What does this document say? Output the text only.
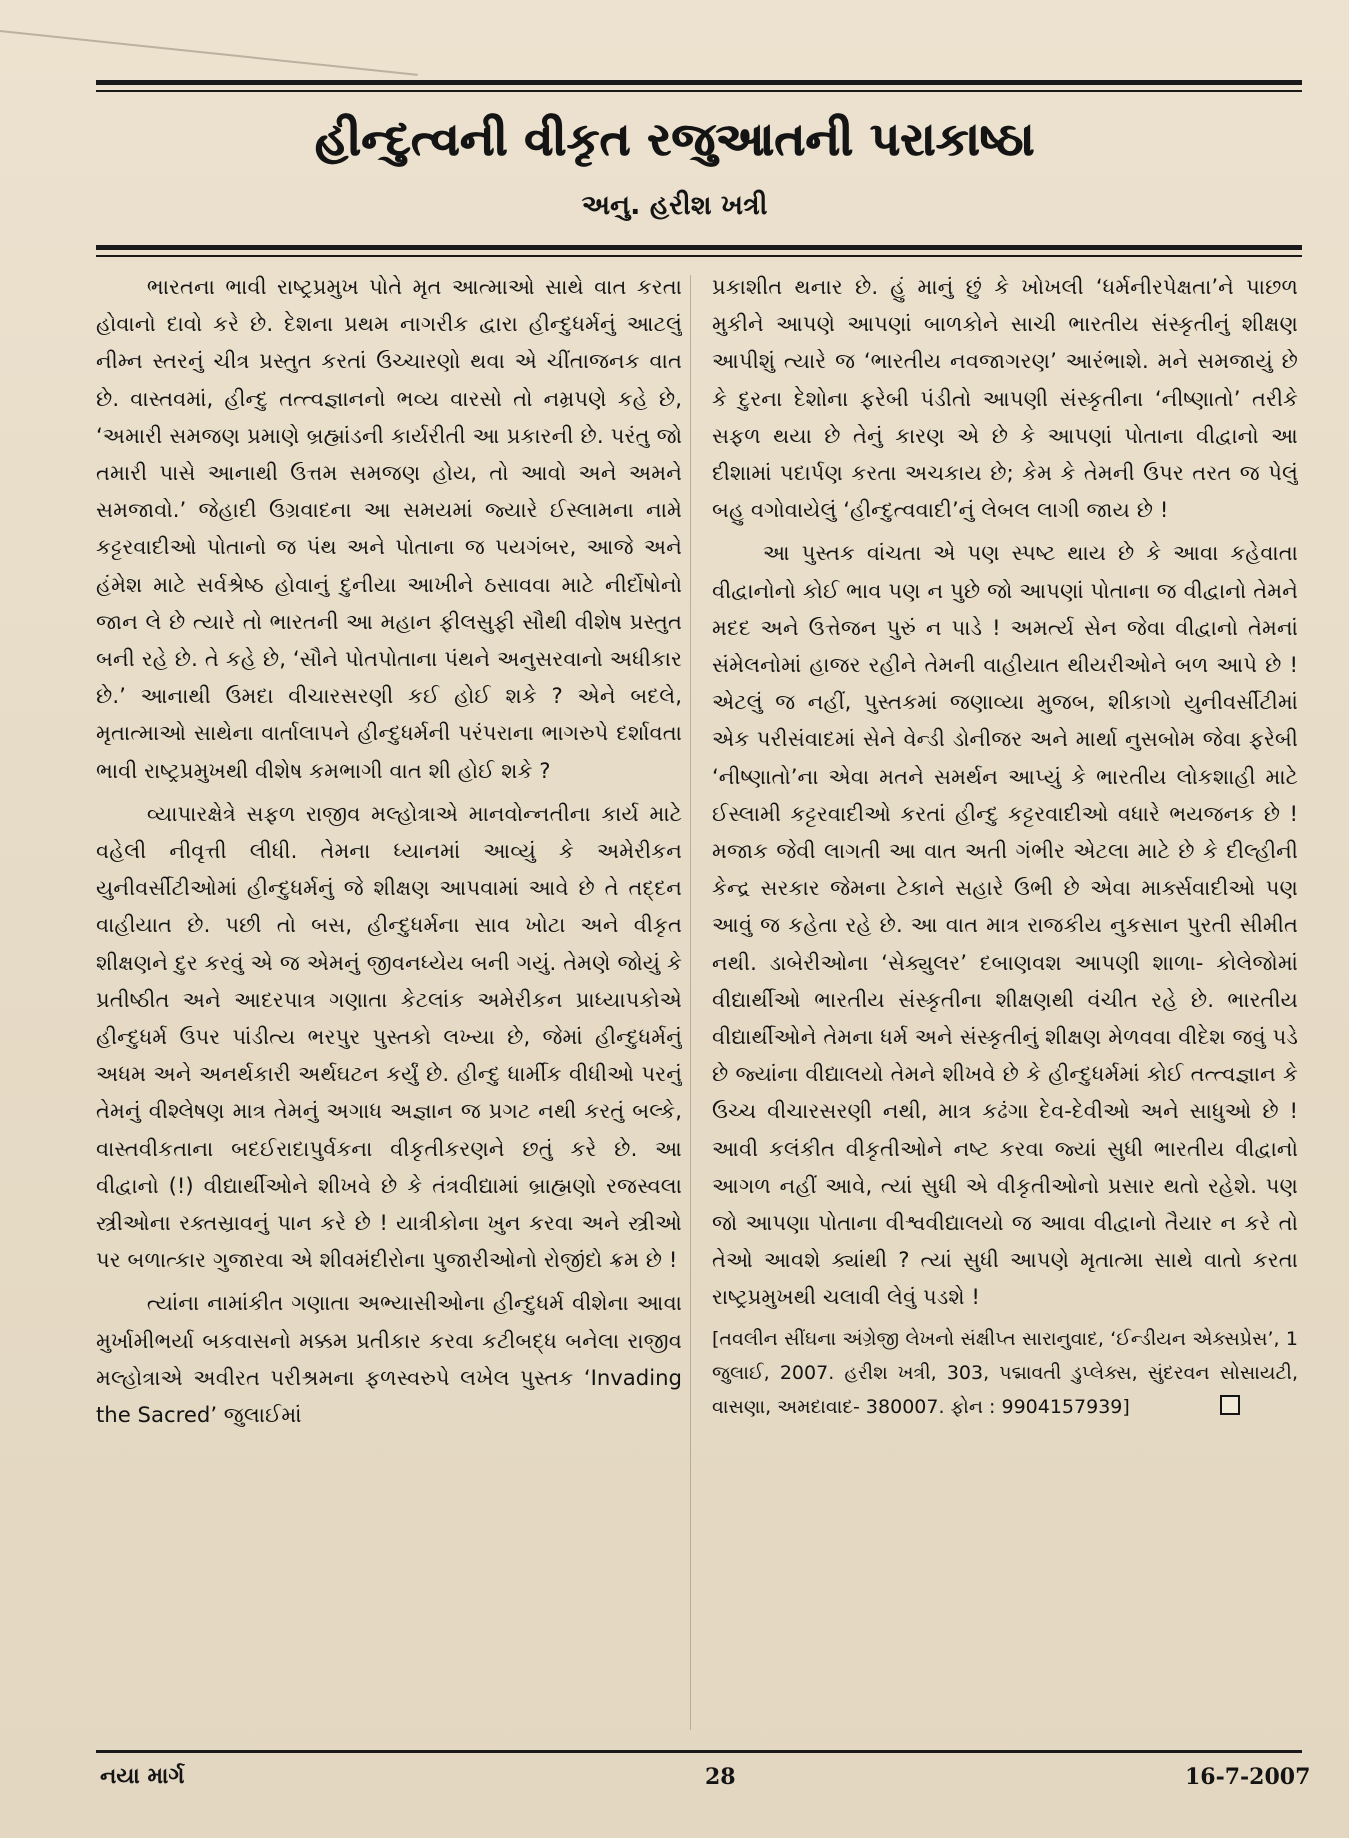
હીન્દુત્વની વીકૃત રજુઆતની પરાકાષ્ઠા
અનુ. હરીશ ખત્રી

ભારતના ભાવી રાષ્ટ્રપ્રમુખ પોતે મૃત આત્માઓ સાથે વાત કરતા હોવાનો દાવો કરે છે. દેશના પ્રથમ નાગરીક દ્વારા હીન્દુધર્મનું આટલું નીમ્ન સ્તરનું ચીત્ર પ્રસ્તુત કરતાં ઉચ્ચારણો થવા એ ચીંતાજનક વાત છે. વાસ્તવમાં, હીન્દુ તત્ત્વજ્ઞાનનો ભવ્ય વારસો તો નમ્રપણે કહે છે, ‘અમારી સમજણ પ્રમાણે બ્રહ્માંડની કાર્યરીતી આ પ્રકારની છે. પરંતુ જો તમારી પાસે આનાથી ઉત્તમ સમજણ હોય, તો આવો અને અમને સમજાવો.’ જેહાદી ઉગ્રવાદના આ સમયમાં જ્યારે ઈસ્લામના નામે કટ્ટરવાદીઓ પોતાનો જ પંથ અને પોતાના જ પયગંબર, આજે અને હંમેશ માટે સર્વશ્રેષ્ઠ હોવાનું દુનીયા આખીને ઠસાવવા માટે નીર્દોષોનો જાન લે છે ત્યારે તો ભારતની આ મહાન ફીલસુફી સૌથી વીશેષ પ્રસ્તુત બની રહે છે. તે કહે છે, ‘સૌને પોતપોતાના પંથને અનુસરવાનો અધીકાર છે.’ આનાથી ઉમદા વીચારસરણી કઈ હોઈ શકે ? એને બદલે, મૃતાત્માઓ સાથેના વાર્તાલાપને હીન્દુધર્મની પરંપરાના ભાગરુપે દર્શાવતા ભાવી રાષ્ટ્રપ્રમુખથી વીશેષ કમભાગી વાત શી હોઈ શકે ?

વ્યાપારક્ષેત્રે સફળ રાજીવ મલ્હોત્રાએ માનવોન્નતીના કાર્ય માટે વહેલી નીવૃત્તી લીધી. તેમના ધ્યાનમાં આવ્યું કે અમેરીકન યુનીવર્સીટીઓમાં હીન્દુધર્મનું જે શીક્ષણ આપવામાં આવે છે તે તદ્દન વાહીયાત છે. પછી તો બસ, હીન્દુધર્મના સાવ ખોટા અને વીકૃત શીક્ષણને દુર કરવું એ જ એમનું જીવનધ્યેય બની ગયું. તેમણે જોયું કે પ્રતીષ્ઠીત અને આદરપાત્ર ગણાતા કેટલાંક અમેરીકન પ્રાધ્યાપકોએ હીન્દુધર્મ ઉપર પાંડીત્ય ભરપુર પુસ્તકો લખ્યા છે, જેમાં હીન્દુધર્મનું અધમ અને અનર્થકારી અર્થઘટન કર્યું છે. હીન્દુ ધાર્મીક વીધીઓ પરનું તેમનું વીશ્લેષણ માત્ર તેમનું અગાધ અજ્ઞાન જ પ્રગટ નથી કરતું બલ્કે, વાસ્તવીકતાના બદઈરાદાપુર્વકના વીકૃતીકરણને છતું કરે છે. આ વીદ્વાનો (!) વીદ્યાર્થીઓને શીખવે છે કે તંત્રવીદ્યામાં બ્રાહ્મણો રજસ્વલા સ્ત્રીઓના રક્તસ્રાવનું પાન કરે છે ! યાત્રીકોના ખુન કરવા અને સ્ત્રીઓ પર બળાત્કાર ગુજારવા એ શીવમંદીરોના પુજારીઓનો રોજીંદો ક્રમ છે !

ત્યાંના નામાંકીત ગણાતા અભ્યાસીઓના હીન્દુધર્મ વીશેના આવા મુર્ખામીભર્યા બકવાસનો મક્કમ પ્રતીકાર કરવા કટીબદ્ધ બનેલા રાજીવ મલ્હોત્રાએ અવીરત પરીશ્રમના ફળસ્વરુપે લખેલ પુસ્તક ‘Invading the Sacred’ જુલાઈમાં

પ્રકાશીત થનાર છે. હું માનું છું કે ખોખલી ‘ધર્મનીરપેક્ષતા’ને પાછળ મુકીને આપણે આપણાં બાળકોને સાચી ભારતીય સંસ્કૃતીનું શીક્ષણ આપીશું ત્યારે જ ‘ભારતીય નવજાગરણ’ આરંભાશે. મને સમજાયું છે કે દુરના દેશોના ફરેબી પંડીતો આપણી સંસ્કૃતીના ‘નીષ્ણાતો’ તરીકે સફળ થયા છે તેનું કારણ એ છે કે આપણાં પોતાના વીદ્વાનો આ દીશામાં પદાર્પણ કરતા અચકાય છે; કેમ કે તેમની ઉપર તરત જ પેલું બહુ વગોવાયેલું ‘હીન્દુત્વવાદી’નું લેબલ લાગી જાય છે !

આ પુસ્તક વાંચતા એ પણ સ્પષ્ટ થાય છે કે આવા કહેવાતા વીદ્વાનોનો કોઈ ભાવ પણ ન પુછે જો આપણાં પોતાના જ વીદ્વાનો તેમને મદદ અને ઉત્તેજન પુરું ન પાડે ! અમર્ત્ય સેન જેવા વીદ્વાનો તેમનાં સંમેલનોમાં હાજર રહીને તેમની વાહીયાત થીયરીઓને બળ આપે છે ! એટલું જ નહીં, પુસ્તકમાં જણાવ્યા મુજબ, શીકાગો યુનીવર્સીટીમાં એક પરીસંવાદમાં સેને વેન્ડી ડોનીજર અને માર્થા નુસબોમ જેવા ફરેબી ‘નીષ્ણાતો’ના એવા મતને સમર્થન આપ્યું કે ભારતીય લોકશાહી માટે ઈસ્લામી કટ્ટરવાદીઓ કરતાં હીન્દુ કટ્ટરવાદીઓ વધારે ભયજનક છે ! મજાક જેવી લાગતી આ વાત અતી ગંભીર એટલા માટે છે કે દીલ્હીની કેન્દ્ર સરકાર જેમના ટેકાને સહારે ઉભી છે એવા માર્ક્સવાદીઓ પણ આવું જ કહેતા રહે છે. આ વાત માત્ર રાજકીય નુકસાન પુરતી સીમીત નથી. ડાબેરીઓના ‘સેક્યુલર’ દબાણવશ આપણી શાળા- કોલેજોમાં વીદ્યાર્થીઓ ભારતીય સંસ્કૃતીના શીક્ષણથી વંચીત રહે છે. ભારતીય વીદ્યાર્થીઓને તેમના ધર્મ અને સંસ્કૃતીનું શીક્ષણ મેળવવા વીદેશ જવું પડે છે જ્યાંના વીદ્યાલયો તેમને શીખવે છે કે હીન્દુધર્મમાં કોઈ તત્ત્વજ્ઞાન કે ઉચ્ચ વીચારસરણી નથી, માત્ર કઢંગા દેવ-દેવીઓ અને સાધુઓ છે ! આવી કલંકીત વીકૃતીઓને નષ્ટ કરવા જ્યાં સુધી ભારતીય વીદ્વાનો આગળ નહીં આવે, ત્યાં સુધી એ વીકૃતીઓનો પ્રસાર થતો રહેશે. પણ જો આપણા પોતાના વીશ્વવીદ્યાલયો જ આવા વીદ્વાનો તૈયાર ન કરે તો તેઓ આવશે ક્યાંથી ? ત્યાં સુધી આપણે મૃતાત્મા સાથે વાતો કરતા રાષ્ટ્રપ્રમુખથી ચલાવી લેવું પડશે !

[તવલીન સીંઘના અંગ્રેજી લેખનો સંક્ષીપ્ત સારાનુવાદ, ‘ઈન્ડીયન એક્સપ્રેસ’, 1 જુલાઈ, 2007. હરીશ ખત્રી, 303, પદ્માવતી ડુપ્લેક્સ, સુંદરવન સોસાયટી, વાસણા, અમદાવાદ- 380007. ફોન : 9904157939]

નયા માર્ગ	28	16-7-2007
